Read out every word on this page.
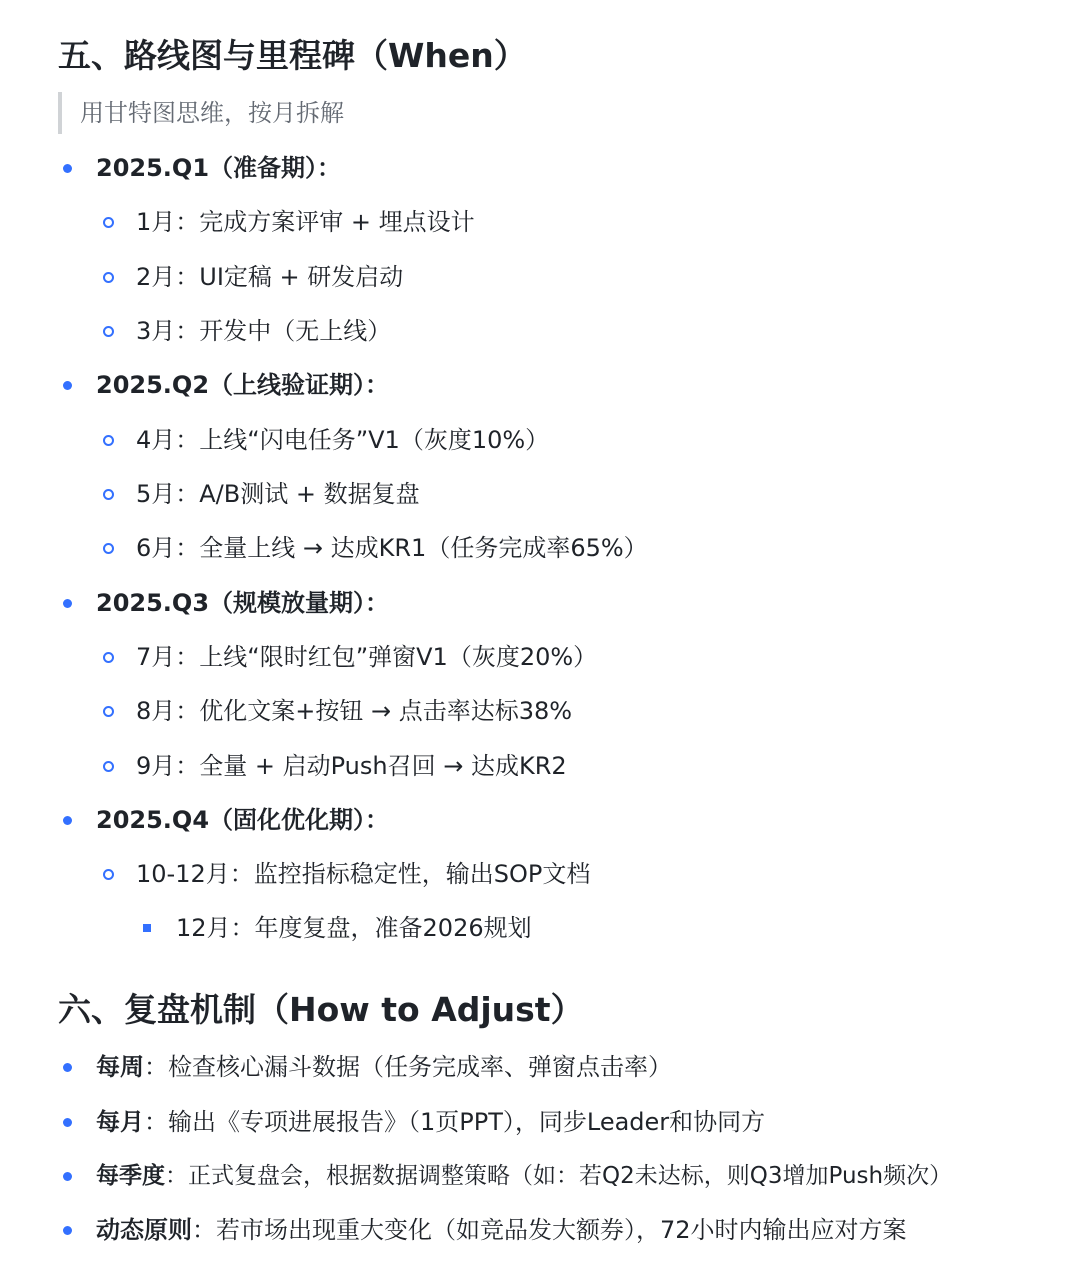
五、路线图与里程碑（When）
用甘特图思维，按月拆解
2025.Q1（准备期）：
1月：完成方案评审 + 埋点设计
2月：UI定稿 + 研发启动
3月：开发中（无上线）
2025.Q2（上线验证期）：
4月：上线“闪电任务”V1（灰度10%）
5月：A/B测试 + 数据复盘
6月：全量上线 → 达成KR1（任务完成率65%）
2025.Q3（规模放量期）：
7月：上线“限时红包”弹窗V1（灰度20%）
8月：优化文案+按钮 → 点击率达标38%
9月：全量 + 启动Push召回 → 达成KR2
2025.Q4（固化优化期）：
10-12月：监控指标稳定性，输出SOP文档
12月：年度复盘，准备2026规划
六、复盘机制（How to Adjust）
每周：检查核心漏斗数据（任务完成率、弹窗点击率）
每月：输出《专项进展报告》（1页PPT），同步Leader和协同方
每季度：正式复盘会，根据数据调整策略（如：若Q2未达标，则Q3增加Push频次）
动态原则：若市场出现重大变化（如竞品发大额券），72小时内输出应对方案
